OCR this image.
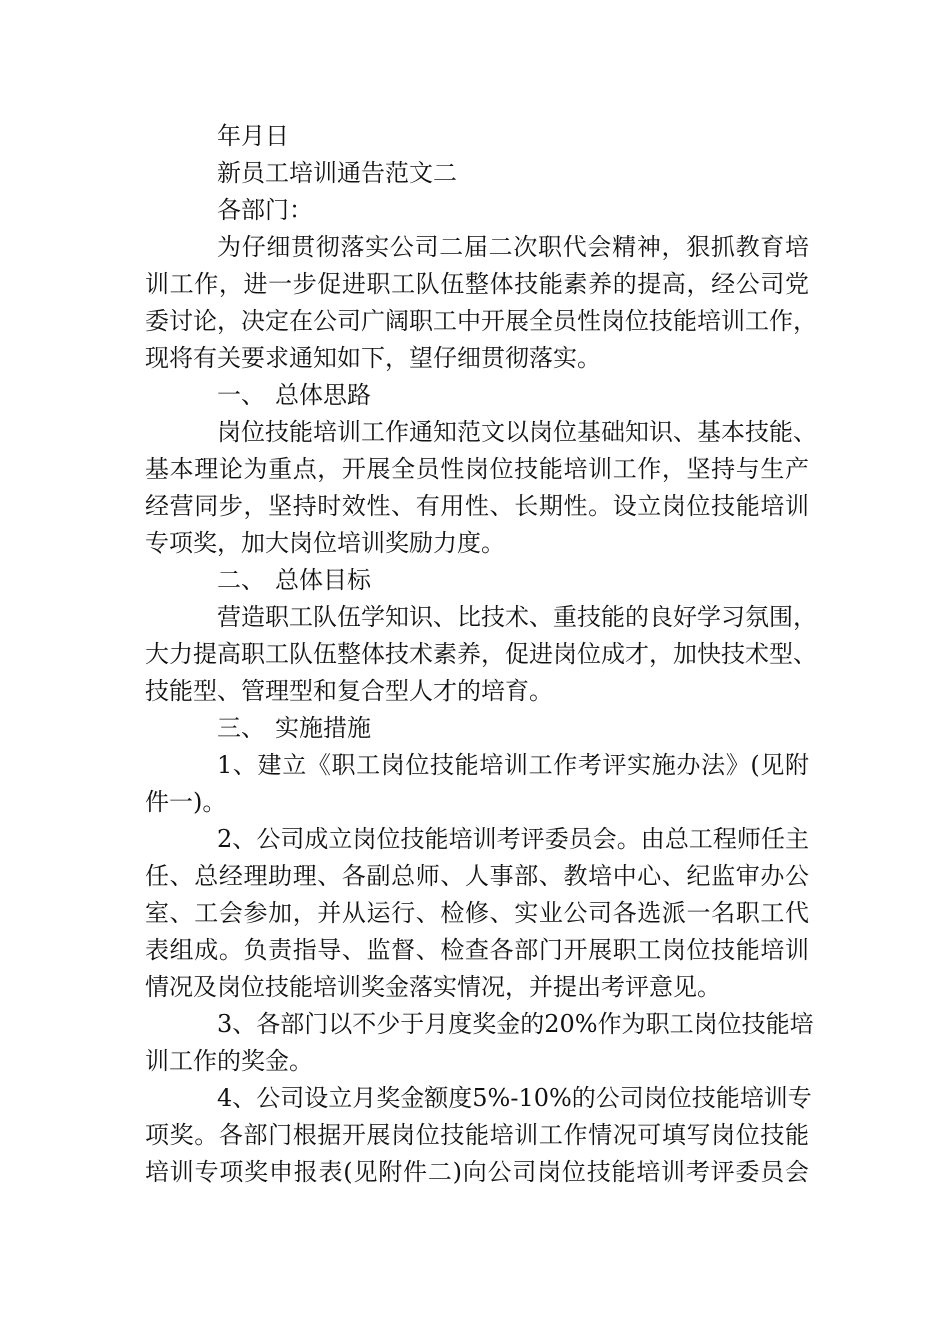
年月日
新员工培训通告范文二
各部门：
为仔细贯彻落实公司二届二次职代会精神，狠抓教育培
训工作，进一步促进职工队伍整体技能素养的提高，经公司党
委讨论，决定在公司广阔职工中开展全员性岗位技能培训工作，
现将有关要求通知如下，望仔细贯彻落实。
一、 总体思路
岗位技能培训工作通知范文以岗位基础知识、基本技能、
基本理论为重点，开展全员性岗位技能培训工作，坚持与生产
经营同步，坚持时效性、有用性、长期性。设立岗位技能培训
专项奖，加大岗位培训奖励力度。
二、 总体目标
营造职工队伍学知识、比技术、重技能的良好学习氛围，
大力提高职工队伍整体技术素养，促进岗位成才，加快技术型、
技能型、管理型和复合型人才的培育。
三、 实施措施
1、建立《职工岗位技能培训工作考评实施办法》(见附
件一)。
2、公司成立岗位技能培训考评委员会。由总工程师任主
任、总经理助理、各副总师、人事部、教培中心、纪监审办公
室、工会参加，并从运行、检修、实业公司各选派一名职工代
表组成。负责指导、监督、检查各部门开展职工岗位技能培训
情况及岗位技能培训奖金落实情况，并提出考评意见。
3、各部门以不少于月度奖金的20%作为职工岗位技能培
训工作的奖金。
4、公司设立月奖金额度5%-10%的公司岗位技能培训专
项奖。各部门根据开展岗位技能培训工作情况可填写岗位技能
培训专项奖申报表(见附件二)向公司岗位技能培训考评委员会
